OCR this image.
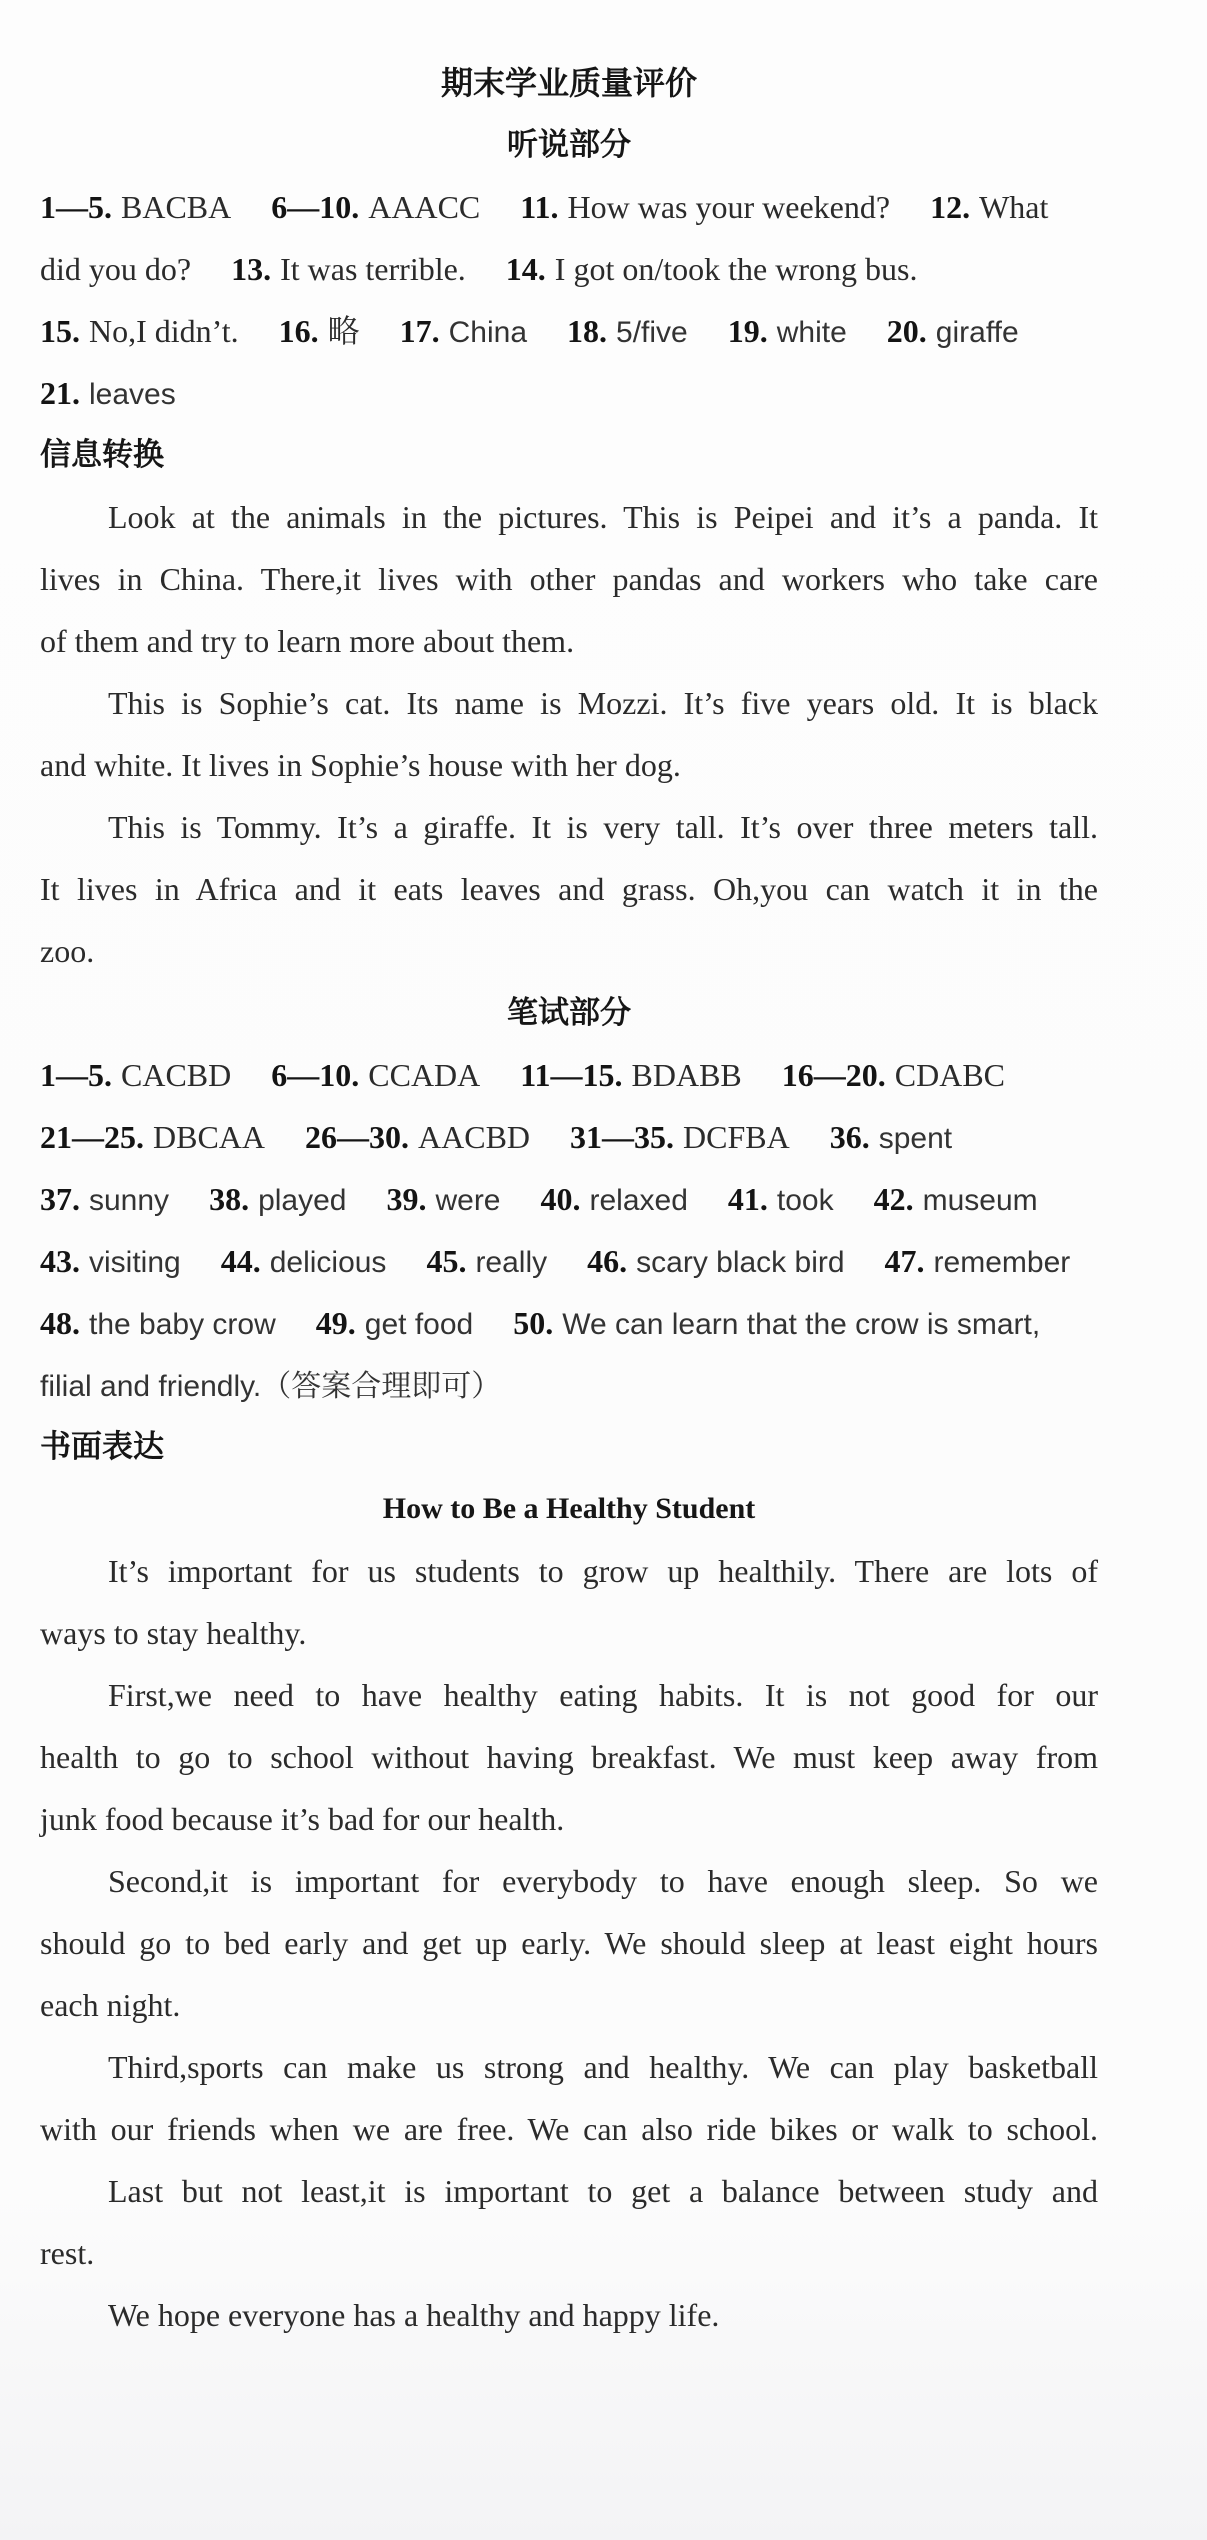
期末学业质量评价
听说部分
1—5. BACBA 6—10. AAACC 11. How was your weekend? 12. What
did you do? 13. It was terrible. 14. I got on/took the wrong bus.
15. No,I didn’t. 16. 略 17. China 18. 5/five 19. white 20. giraffe
21. leaves
信息转换
Look at the animals in the pictures. This is Peipei and it’s a panda. It
lives in China. There,it lives with other pandas and workers who take care
of them and try to learn more about them.
This is Sophie’s cat. Its name is Mozzi. It’s five years old. It is black
and white. It lives in Sophie’s house with her dog.
This is Tommy. It’s a giraffe. It is very tall. It’s over three meters tall.
It lives in Africa and it eats leaves and grass. Oh,you can watch it in the
zoo.
笔试部分
1—5. CACBD 6—10. CCADA 11—15. BDABB 16—20. CDABC
21—25. DBCAA 26—30. AACBD 31—35. DCFBA 36. spent
37. sunny 38. played 39. were 40. relaxed 41. took 42. museum
43. visiting 44. delicious 45. really 46. scary black bird 47. remember
48. the baby crow 49. get food 50. We can learn that the crow is smart,
filial and friendly.（答案合理即可）
书面表达
How to Be a Healthy Student
It’s important for us students to grow up healthily. There are lots of
ways to stay healthy.
First,we need to have healthy eating habits. It is not good for our
health to go to school without having breakfast. We must keep away from
junk food because it’s bad for our health.
Second,it is important for everybody to have enough sleep. So we
should go to bed early and get up early. We should sleep at least eight hours
each night.
Third,sports can make us strong and healthy. We can play basketball
with our friends when we are free. We can also ride bikes or walk to school.
Last but not least,it is important to get a balance between study and
rest.
We hope everyone has a healthy and happy life.
